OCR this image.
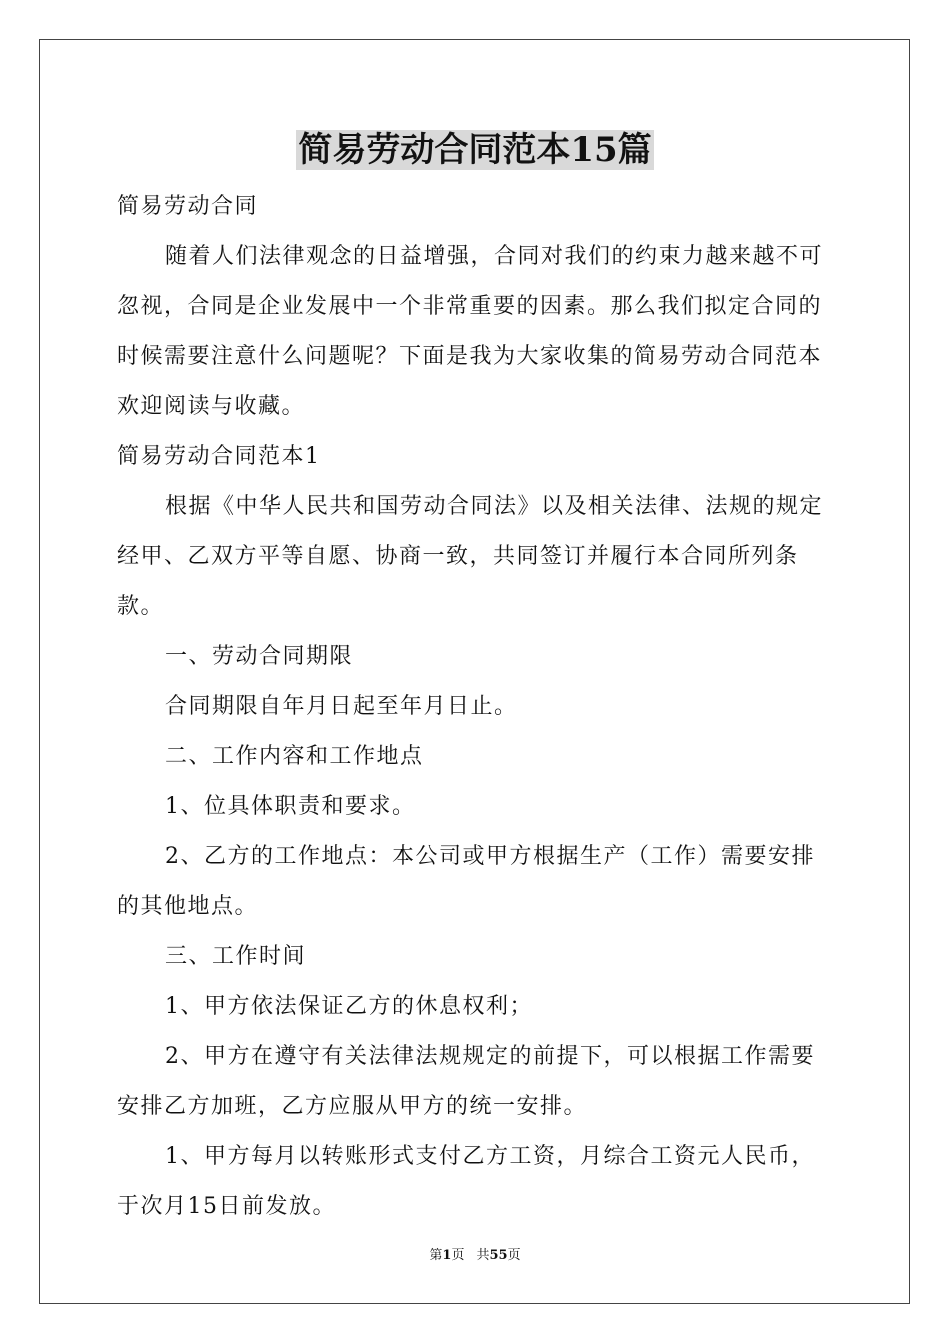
简易劳动合同范本15篇

简易劳动合同

随着人们法律观念的日益增强，合同对我们的约束力越来越不可忽视，合同是企业发展中一个非常重要的因素。那么我们拟定合同的时候需要注意什么问题呢？下面是我为大家收集的简易劳动合同范本欢迎阅读与收藏。

简易劳动合同范本1

根据《中华人民共和国劳动合同法》以及相关法律、法规的规定经甲、乙双方平等自愿、协商一致，共同签订并履行本合同所列条款。

一、劳动合同期限

合同期限自年月日起至年月日止。

二、工作内容和工作地点

1、位具体职责和要求。

2、乙方的工作地点：本公司或甲方根据生产（工作）需要安排的其他地点。

三、工作时间

1、甲方依法保证乙方的休息权利；

2、甲方在遵守有关法律法规规定的前提下，可以根据工作需要安排乙方加班，乙方应服从甲方的统一安排。

1、甲方每月以转账形式支付乙方工资，月综合工资元人民币，于次月15日前发放。

第1页 共55页
